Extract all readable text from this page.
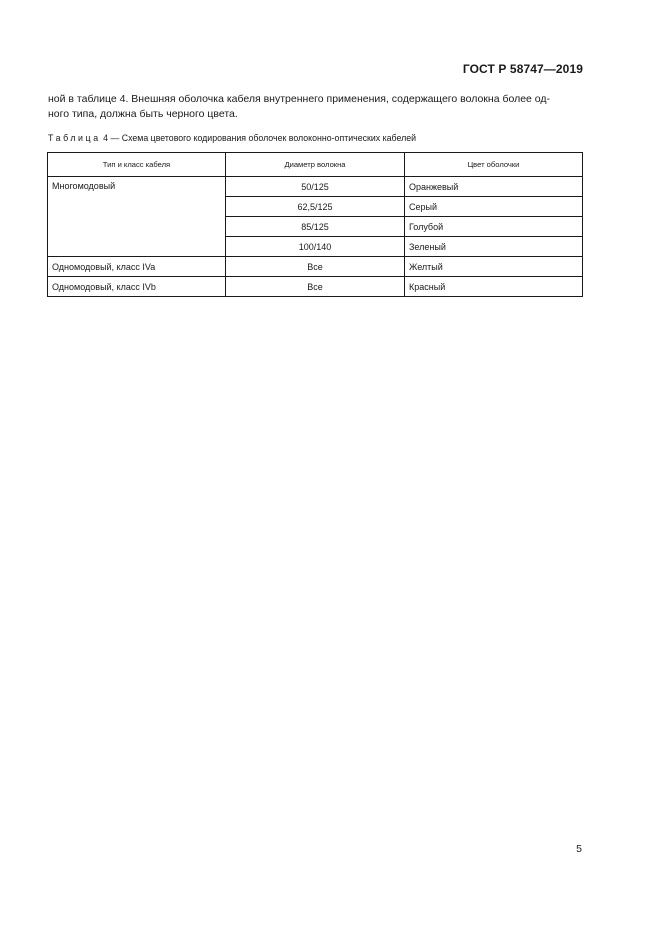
ГОСТ Р 58747—2019

ной в таблице 4. Внешняя оболочка кабеля внутреннего применения, содержащего волокна более од-
ного типа, должна быть черного цвета.

Таблица 4 — Схема цветового кодирования оболочек волоконно-оптических кабелей
Тип и класс кабеля	Диаметр волокна	Цвет оболочки
Многомодовый	50/125	Оранжевый
	62,5/125	Серый
	85/125	Голубой
	100/140	Зеленый
Одномодовый, класс IVa	Все	Желтый
Одномодовый, класс IVb	Все	Красный
5
